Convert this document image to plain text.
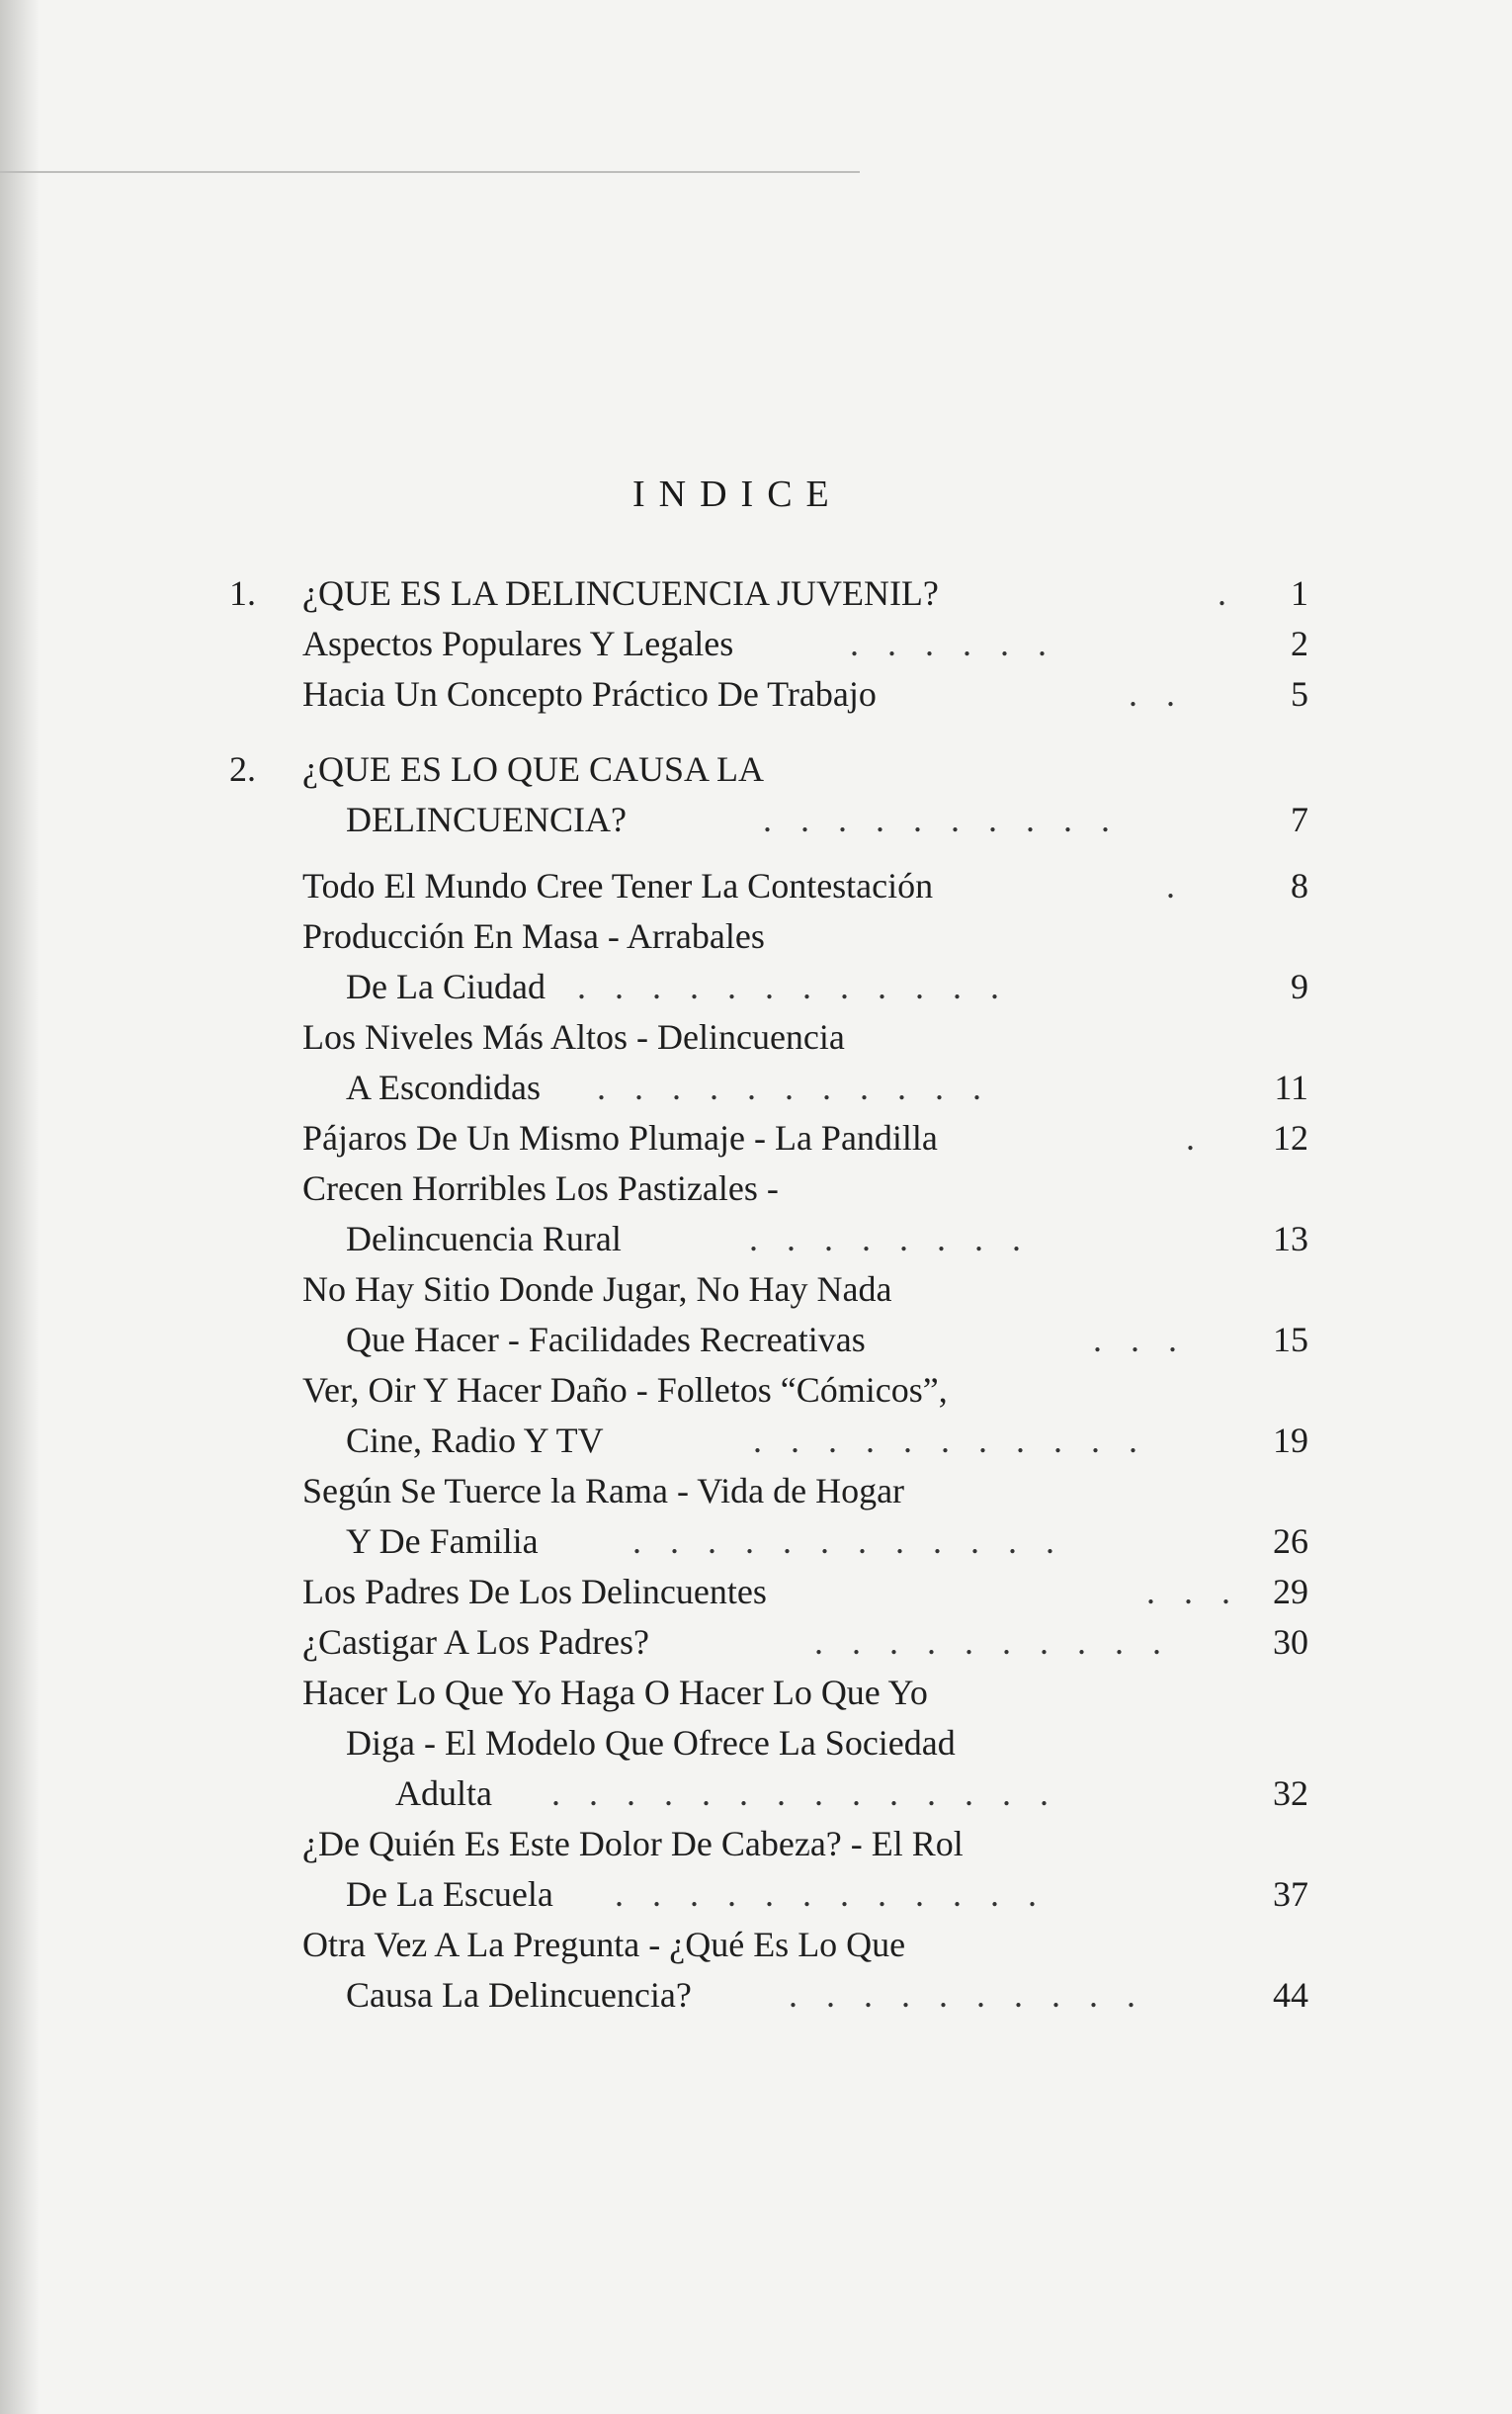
INDICE
1. ¿QUE ES LA DELINCUENCIA JUVENIL?	. 1
Aspectos Populares Y Legales	. . . . . .	2
Hacia Un Concepto Práctico De Trabajo	. .	5
2. ¿QUE ES LO QUE CAUSA LA
DELINCUENCIA?	. . . . . . . . . .	7
Todo El Mundo Cree Tener La Contestación	.	8
Producción En Masa - Arrabales
De La Ciudad . . . . . . . . . . . .	9
Los Niveles Más Altos - Delincuencia
A Escondidas . . . . . . . . . . .	11
Pájaros De Un Mismo Plumaje - La Pandilla	. 12
Crecen Horribles Los Pastizales -
Delincuencia Rural	. . . . . . . .	13
No Hay Sitio Donde Jugar, No Hay Nada
Que Hacer - Facilidades Recreativas	. . . 15
Ver, Oir Y Hacer Daño - Folletos “Cómicos”,
Cine, Radio Y TV	. . . . . . . . . . .	19
Según Se Tuerce la Rama - Vida de Hogar
Y De Familia	. . . . . . . . . . . .	26
Los Padres De Los Delincuentes	. . . 29
¿Castigar A Los Padres?	. . . . . . . . . .	30
Hacer Lo Que Yo Haga O Hacer Lo Que Yo
Diga - El Modelo Que Ofrece La Sociedad
Adulta . . . . . . . . . . . . . .	32
¿De Quién Es Este Dolor De Cabeza? - El Rol
De La Escuela . . . . . . . . . . . .	37
Otra Vez A La Pregunta - ¿Qué Es Lo Que
Causa La Delincuencia?	. . . . . . . . . .	44
